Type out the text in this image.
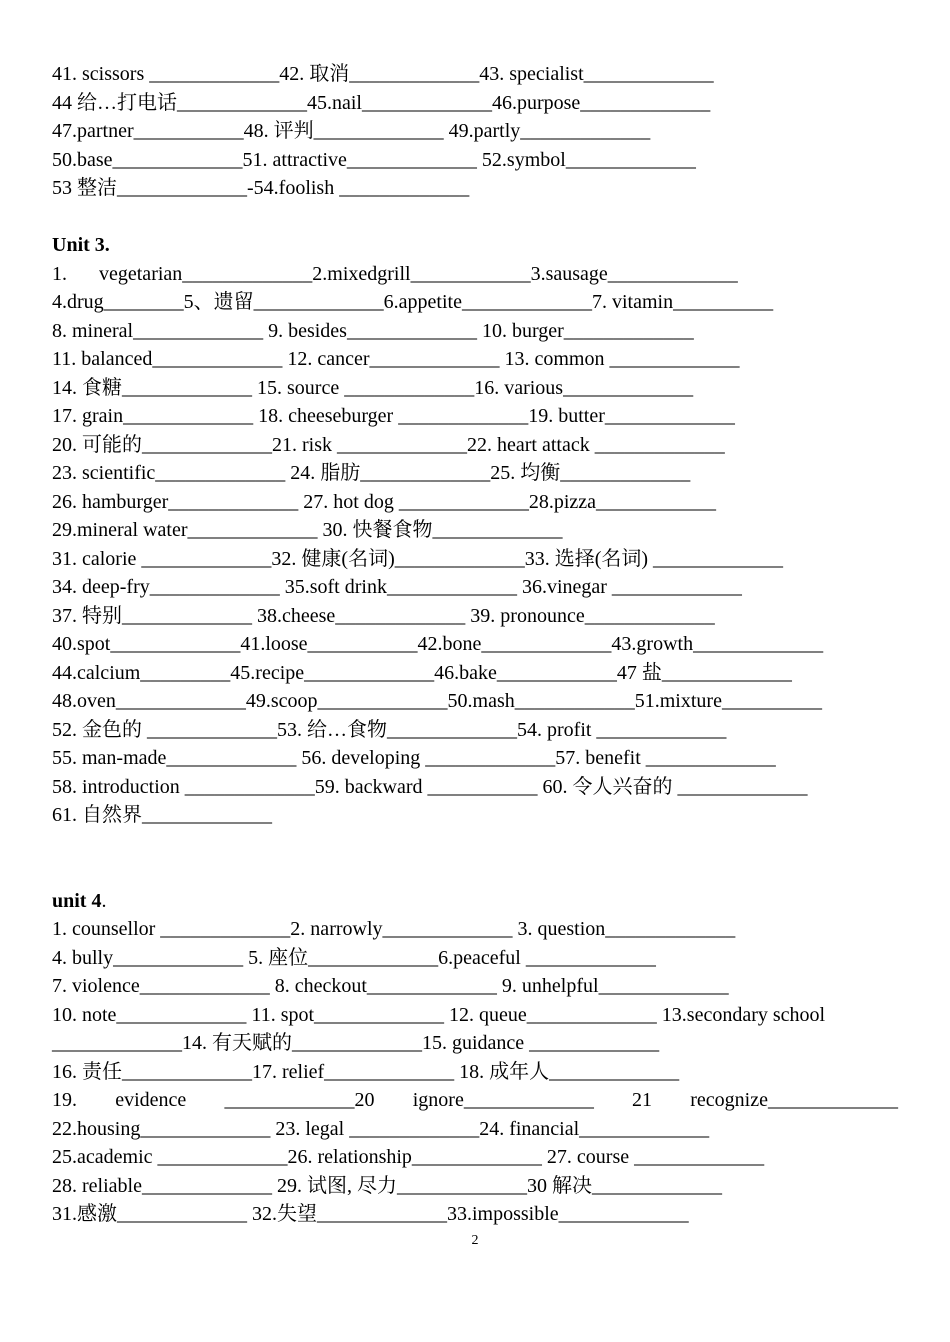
41. scissors _____________42. 取消_____________43. specialist_____________
44 给…打电话_____________45.nail_____________46.purpose_____________
47.partner___________48. 评判_____________ 49.partly_____________
50.base_____________51. attractive_____________ 52.symbol_____________
53 整洁_____________-54.foolish _____________
Unit 3.
1. vegetarian_____________2.mixedgrill____________3.sausage_____________
4.drug________5、遗留_____________6.appetite_____________7. vitamin__________
8. mineral_____________ 9. besides_____________ 10. burger_____________
11. balanced_____________ 12. cancer_____________ 13. common _____________
14. 食糖_____________ 15. source _____________16. various_____________
17. grain_____________ 18. cheeseburger _____________19. butter_____________
20. 可能的_____________21. risk _____________22. heart attack _____________
23. scientific_____________ 24. 脂肪_____________25. 均衡_____________
26. hamburger_____________ 27. hot dog _____________28.pizza____________
29.mineral water_____________ 30. 快餐食物_____________
31. calorie _____________32. 健康(名词)_____________33. 选择(名词) _____________
34. deep-fry_____________ 35.soft drink_____________ 36.vinegar _____________
37. 特别_____________ 38.cheese_____________ 39. pronounce_____________
40.spot_____________41.loose___________42.bone_____________43.growth_____________
44.calcium_________45.recipe_____________46.bake____________47 盐_____________
48.oven_____________49.scoop_____________50.mash____________51.mixture__________
52. 金色的 _____________53. 给…食物_____________54. profit _____________
55. man-made_____________ 56. developing _____________57. benefit _____________
58. introduction _____________59. backward ___________ 60. 令人兴奋的 _____________
61. 自然界_____________
unit 4.
1. counsellor _____________2. narrowly_____________ 3. question_____________
4. bully_____________ 5. 座位_____________6.peaceful _____________
7. violence_____________ 8. checkout_____________ 9. unhelpful_____________
10. note_____________ 11. spot_____________ 12. queue_____________ 13.secondary school
_____________14. 有天赋的_____________15. guidance _____________
16. 责任_____________17. relief_____________ 18. 成年人_____________
19. evidence _____________20 ignore_____________ 21 recognize_____________
22.housing_____________ 23. legal _____________24. financial_____________
25.academic _____________26. relationship_____________ 27. course _____________
28. reliable_____________ 29. 试图, 尽力_____________30 解决_____________
31.感激_____________ 32.失望_____________33.impossible_____________
2
